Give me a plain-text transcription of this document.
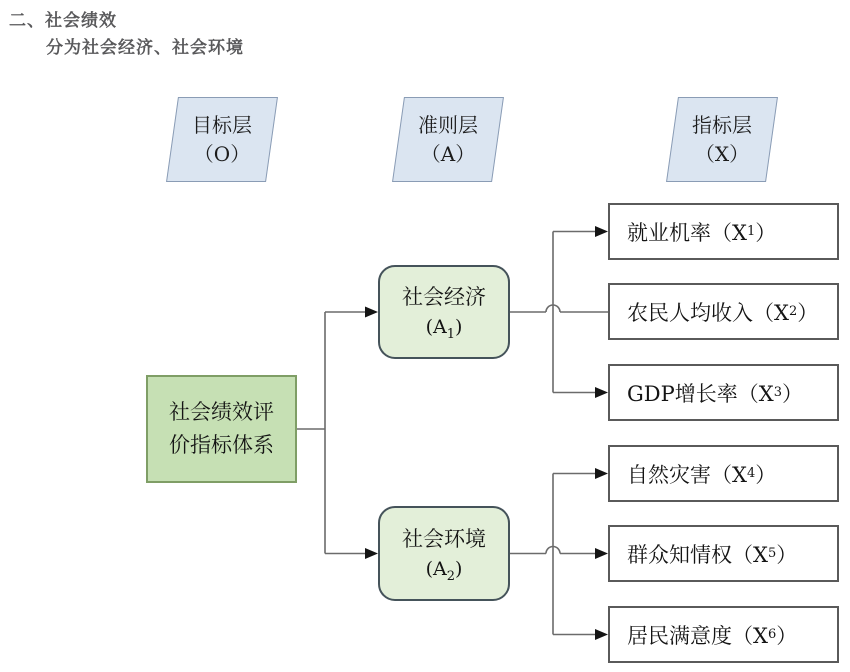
二、社会绩效
分为社会经济、社会环境
目标层
（O）
准则层
（A）
指标层
（X）
社会绩效评
价指标体系
社会经济
$(A_1)$
社会环境
$(A_2)$
就业机率（X 1 ）
农民人均收入（X 2 ）
GDP增长率（X 3 ）
自然灾害（X 4 ）
群众知情权（X 5 ）
居民满意度（X 6 ）
